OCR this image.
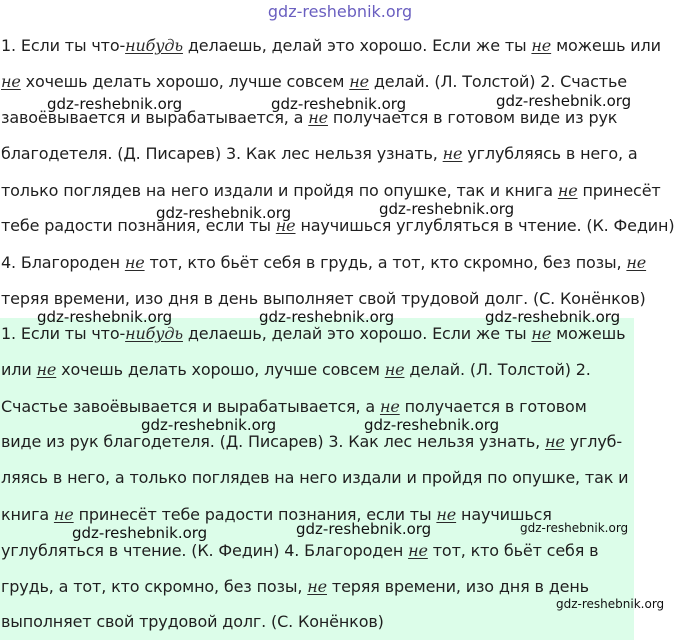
gdz-reshebnik.org
1. Если ты что-нибудь делаешь, делай это хорошо. Если же ты не можешь или
не хочешь делать хорошо, лучше совсем не делай. (Л. Толстой) 2. Счастье
завоёвывается и вырабатывается, а не получается в готовом виде из рук
благодетеля. (Д. Писарев) 3. Как лес нельзя узнать, не углубляясь в него, а
только поглядев на него издали и пройдя по опушке, так и книга не принесёт
тебе радости познания, если ты не научишься углубляться в чтение. (К. Федин)
4. Благороден не тот, кто бьёт себя в грудь, а тот, кто скромно, без позы, не
теряя времени, изо дня в день выполняет свой трудовой долг. (С. Конёнков)
1. Если ты что-нибудь делаешь, делай это хорошо. Если же ты не можешь
или не хочешь делать хорошо, лучше совсем не делай. (Л. Толстой) 2.
Счастье завоёвывается и вырабатывается, а не получается в готовом
виде из рук благодетеля. (Д. Писарев) 3. Как лес нельзя узнать, не углуб-
ляясь в него, а только поглядев на него издали и пройдя по опушке, так и
книга не принесёт тебе радости познания, если ты не научишься
углубляться в чтение. (К. Федин) 4. Благороден не тот, кто бьёт себя в
грудь, а тот, кто скромно, без позы, не теряя времени, изо дня в день
выполняет свой трудовой долг. (С. Конёнков)
gdz-reshebnik.org	gdz-reshebnik.org	gdz-reshebnik.org
gdz-reshebnik.org	gdz-reshebnik.org
gdz-reshebnik.org	gdz-reshebnik.org	gdz-reshebnik.org
gdz-reshebnik.org	gdz-reshebnik.org
gdz-reshebnik.org	gdz-reshebnik.org	gdz-reshebnik.org
gdz-reshebnik.org
